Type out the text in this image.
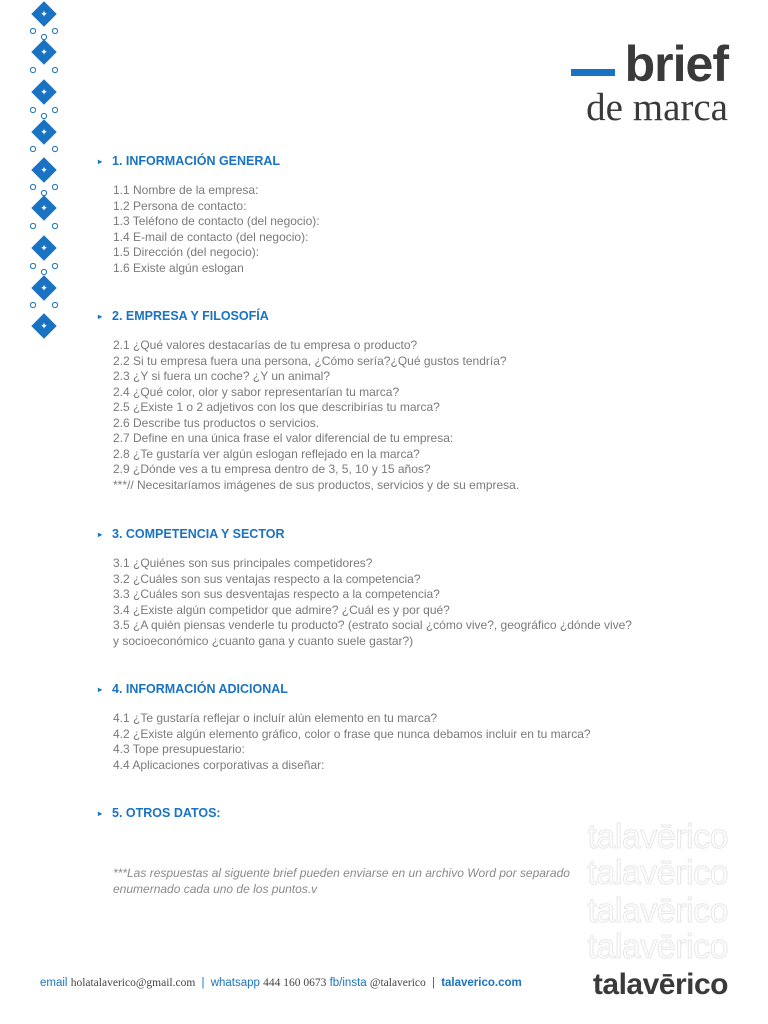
✦
✦
✦
✦
✦
✦
✦
✦
✦
brief
de marca
▸ 1. INFORMACIÓN GENERAL
1.1 Nombre de la empresa:
1.2 Persona de contacto:
1.3 Teléfono de contacto (del negocio):
1.4 E-mail de contacto (del negocio):
1.5 Dirección (del negocio):
1.6 Existe algún eslogan
▸ 2. EMPRESA Y FILOSOFÍA
2.1 ¿Qué valores destacarías de tu empresa o producto?
2.2 Si tu empresa fuera una persona, ¿Cómo sería?¿Qué gustos tendría?
2.3 ¿Y si fuera un coche? ¿Y un animal?
2.4 ¿Qué color, olor y sabor representarían tu marca?
2.5 ¿Existe 1 o 2 adjetivos con los que describirías tu marca?
2.6 Describe tus productos o servicios.
2.7 Define en una única frase el valor diferencial de tu empresa:
2.8 ¿Te gustaría ver algún eslogan reflejado en la marca?
2.9 ¿Dónde ves a tu empresa dentro de 3, 5, 10 y 15 años?
***// Necesitaríamos imágenes de sus productos, servicios y de su empresa.
▸ 3. COMPETENCIA Y SECTOR
3.1 ¿Quiénes son sus principales competidores?
3.2 ¿Cuáles son sus ventajas respecto a la competencia?
3.3 ¿Cuáles son sus desventajas respecto a la competencia?
3.4 ¿Existe algún competidor que admire? ¿Cuál es y por qué?
3.5 ¿A quién piensas venderle tu producto? (estrato social ¿cómo vive?, geográfico ¿dónde vive? y socioeconómico ¿cuanto gana y cuanto suele gastar?)
▸ 4. INFORMACIÓN ADICIONAL
4.1 ¿Te gustaría reflejar o incluír alún elemento en tu marca?
4.2 ¿Existe algún elemento gráfico, color o frase que nunca debamos incluir en tu marca?
4.3 Tope presupuestario:
4.4 Aplicaciones corporativas a diseñar:
▸ 5. OTROS DATOS:
talavērico
talavērico
talavērico
talavērico
***Las respuestas al siguente brief pueden enviarse en un archivo Word por separado enumernado cada uno de los puntos.v
email holatalaverico@gmail.com | whatsapp 444 160 0673 fb/insta @talaverico | talaverico.com talavērico
